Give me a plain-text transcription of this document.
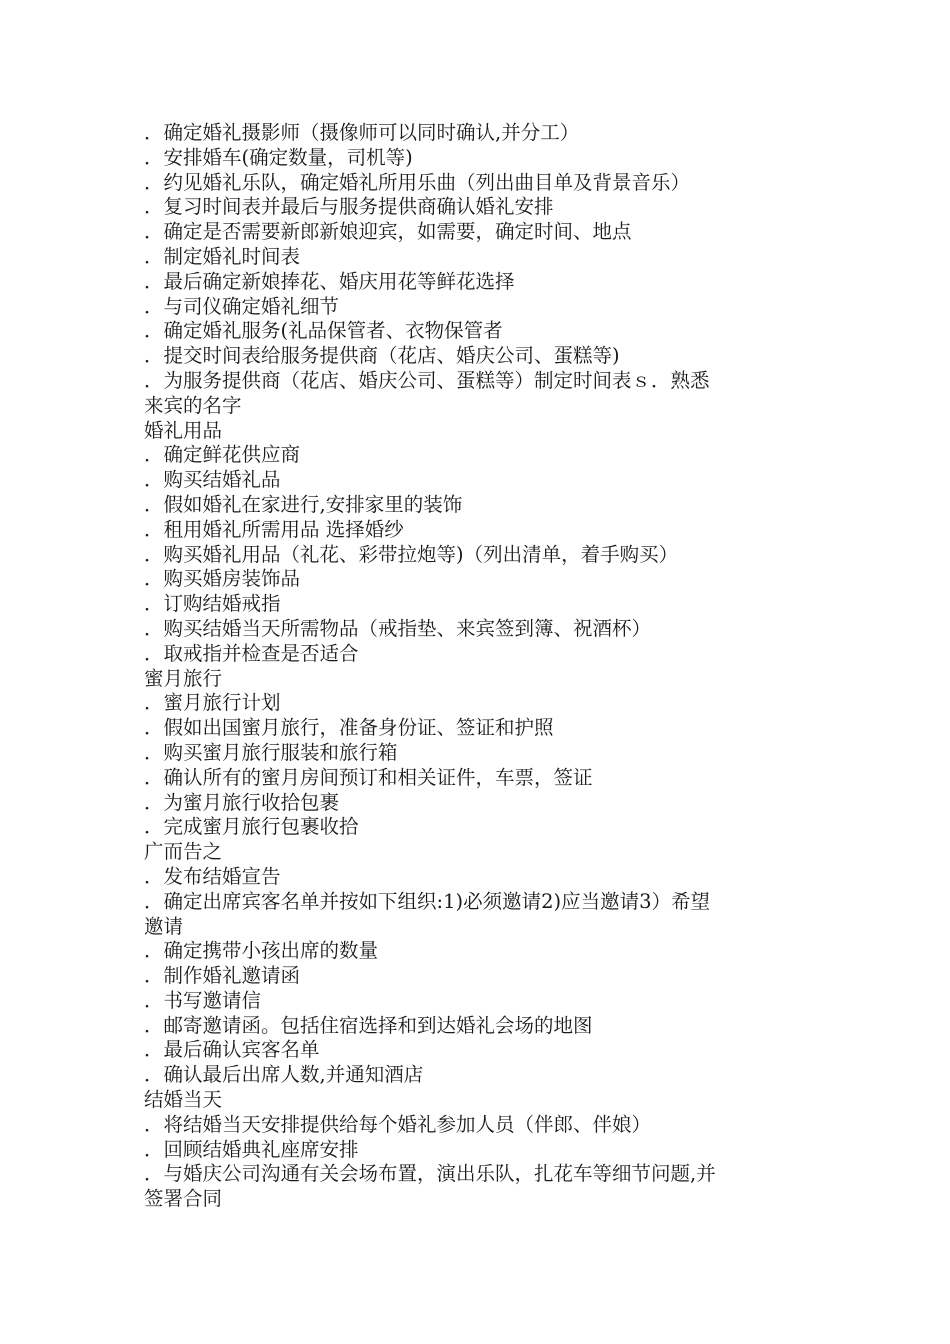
．确定婚礼摄影师（摄像师可以同时确认,并分工）
．安排婚车(确定数量，司机等)
．约见婚礼乐队，确定婚礼所用乐曲（列出曲目单及背景音乐）
．复习时间表并最后与服务提供商确认婚礼安排
．确定是否需要新郎新娘迎宾，如需要，确定时间、地点
．制定婚礼时间表
．最后确定新娘捧花、婚庆用花等鲜花选择
．与司仪确定婚礼细节
．确定婚礼服务(礼品保管者、衣物保管者
．提交时间表给服务提供商（花店、婚庆公司、蛋糕等)
．为服务提供商（花店、婚庆公司、蛋糕等）制定时间表ｓ．熟悉
来宾的名字
婚礼用品
．确定鲜花供应商
．购买结婚礼品
．假如婚礼在家进行,安排家里的装饰
．租用婚礼所需用品 选择婚纱
．购买婚礼用品（礼花、彩带拉炮等)（列出清单，着手购买）
．购买婚房装饰品
．订购结婚戒指
．购买结婚当天所需物品（戒指垫、来宾签到簿、祝酒杯）
．取戒指并检查是否适合
蜜月旅行
．蜜月旅行计划
．假如出国蜜月旅行，准备身份证、签证和护照
．购买蜜月旅行服装和旅行箱
．确认所有的蜜月房间预订和相关证件，车票，签证
．为蜜月旅行收拾包裹
．完成蜜月旅行包裹收拾
广而告之
．发布结婚宣告
．确定出席宾客名单并按如下组织:1)必须邀请2)应当邀请3）希望
邀请
．确定携带小孩出席的数量
．制作婚礼邀请函
．书写邀请信
．邮寄邀请函。包括住宿选择和到达婚礼会场的地图
．最后确认宾客名单
．确认最后出席人数,并通知酒店
结婚当天
．将结婚当天安排提供给每个婚礼参加人员（伴郎、伴娘）
．回顾结婚典礼座席安排
．与婚庆公司沟通有关会场布置，演出乐队，扎花车等细节问题,并
签署合同
